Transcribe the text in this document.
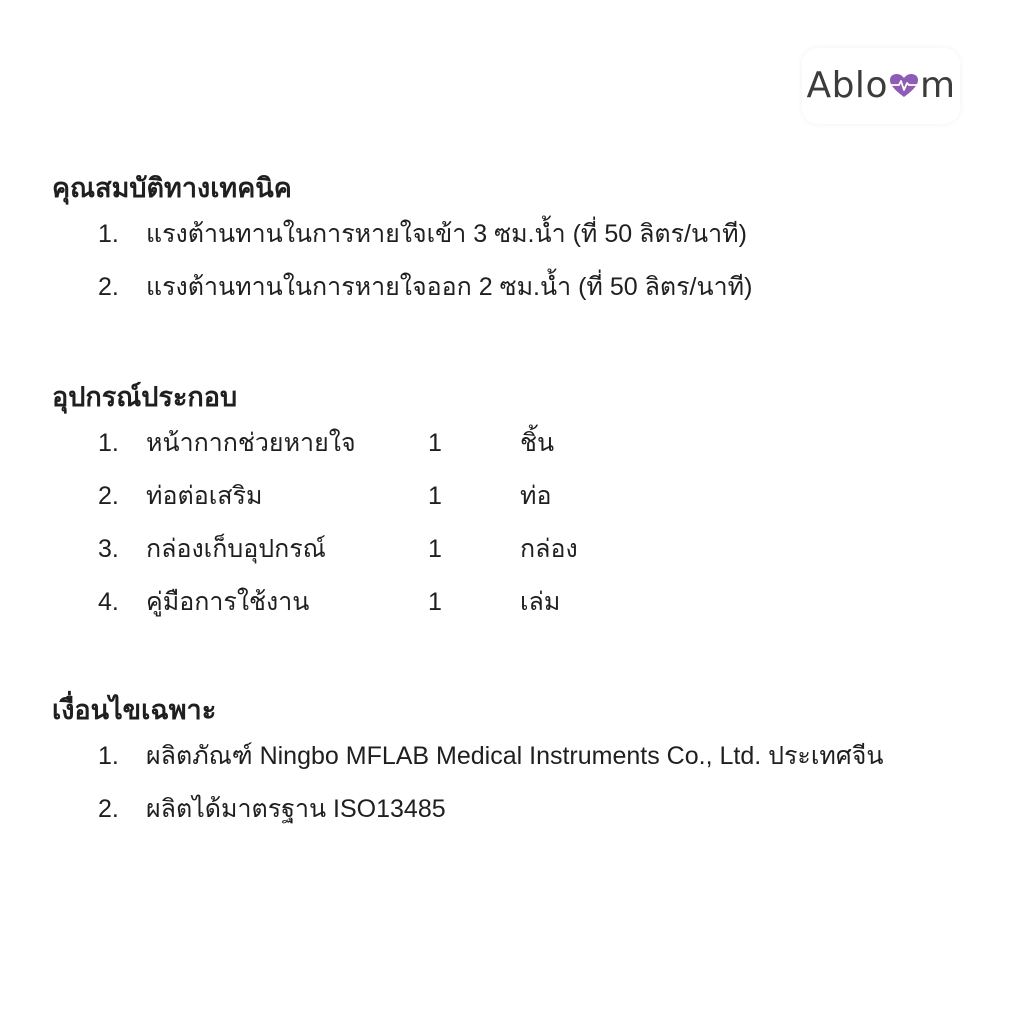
Abl o m
คุณสมบัติทางเทคนิค
1. แรงต้านทานในการหายใจเข้า 3 ซม.น้ำ (ที่ 50 ลิตร/นาที)
2. แรงต้านทานในการหายใจออก 2 ซม.น้ำ (ที่ 50 ลิตร/นาที)
อุปกรณ์ประกอบ
1. หน้ากากช่วยหายใจ	1	ชิ้น
2. ท่อต่อเสริม	1	ท่อ
3. กล่องเก็บอุปกรณ์	1	กล่อง
4. คู่มือการใช้งาน	1	เล่ม
เงื่อนไขเฉพาะ
1. ผลิตภัณฑ์ Ningbo MFLAB Medical Instruments Co., Ltd. ประเทศจีน
2. ผลิตได้มาตรฐาน ISO13485
